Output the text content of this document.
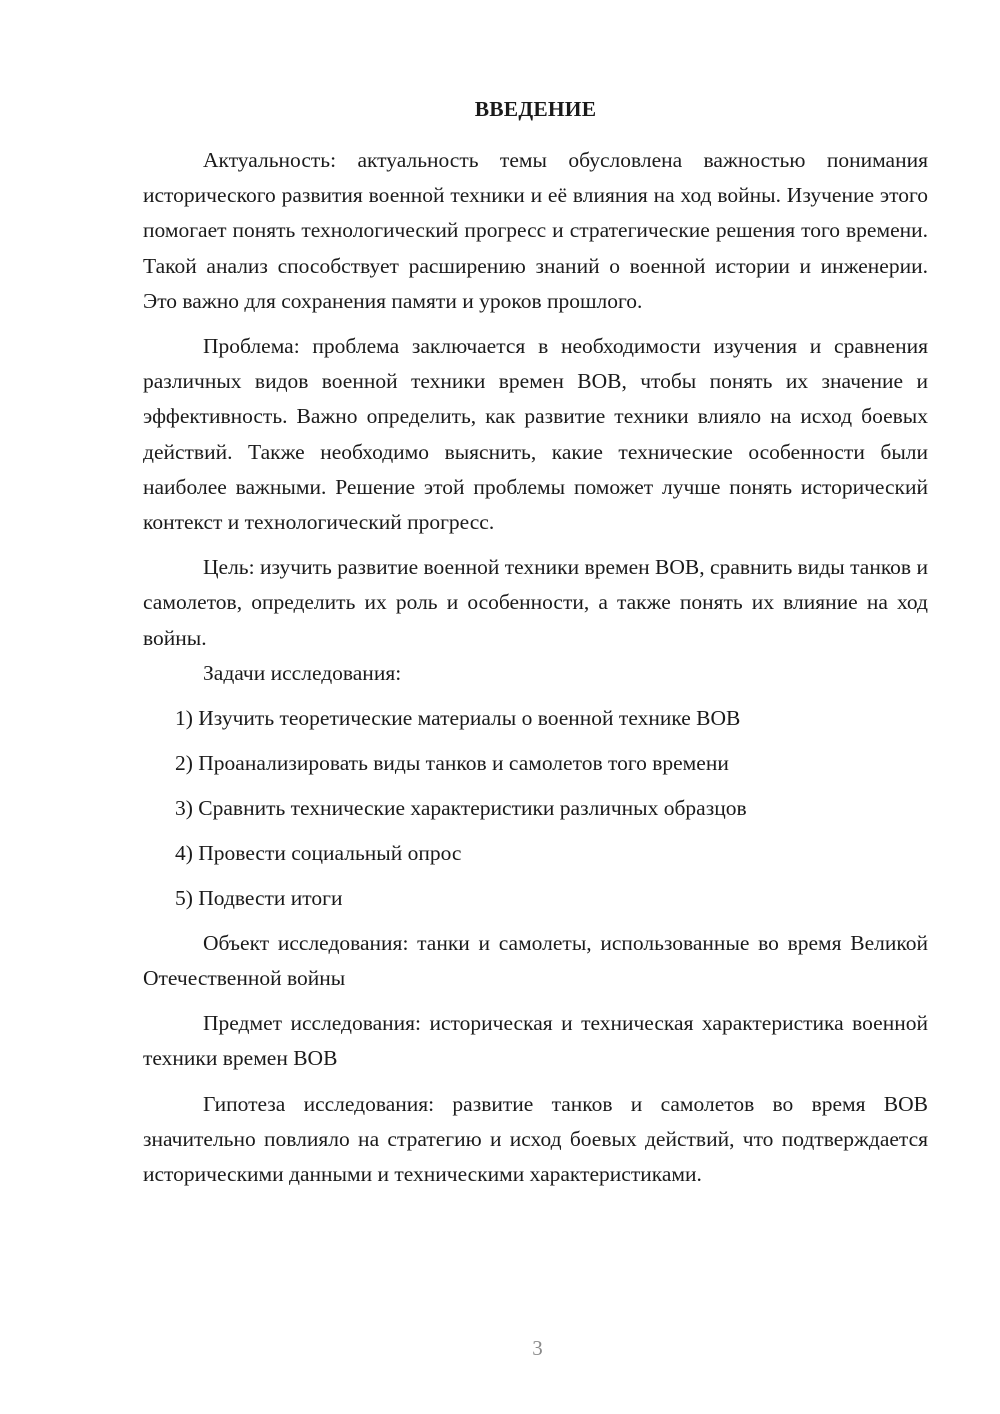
ВВЕДЕНИЕ

Актуальность: актуальность темы обусловлена важностью понимания исторического развития военной техники и её влияния на ход войны. Изучение этого помогает понять технологический прогресс и стратегические решения того времени. Такой анализ способствует расширению знаний о военной истории и инженерии. Это важно для сохранения памяти и уроков прошлого.

Проблема: проблема заключается в необходимости изучения и сравнения различных видов военной техники времен ВОВ, чтобы понять их значение и эффективность. Важно определить, как развитие техники влияло на исход боевых действий. Также необходимо выяснить, какие технические особенности были наиболее важными. Решение этой проблемы поможет лучше понять исторический контекст и технологический прогресс.

Цель: изучить развитие военной техники времен ВОВ, сравнить виды танков и самолетов, определить их роль и особенности, а также понять их влияние на ход войны.

Задачи исследования:

1) Изучить теоретические материалы о военной технике ВОВ
2) Проанализировать виды танков и самолетов того времени
3) Сравнить технические характеристики различных образцов
4) Провести социальный опрос
5) Подвести итоги

Объект исследования: танки и самолеты, использованные во время Великой Отечественной войны

Предмет исследования: историческая и техническая характеристика военной техники времен ВОВ

Гипотеза исследования: развитие танков и самолетов во время ВОВ значительно повлияло на стратегию и исход боевых действий, что подтверждается историческими данными и техническими характеристиками.

3
